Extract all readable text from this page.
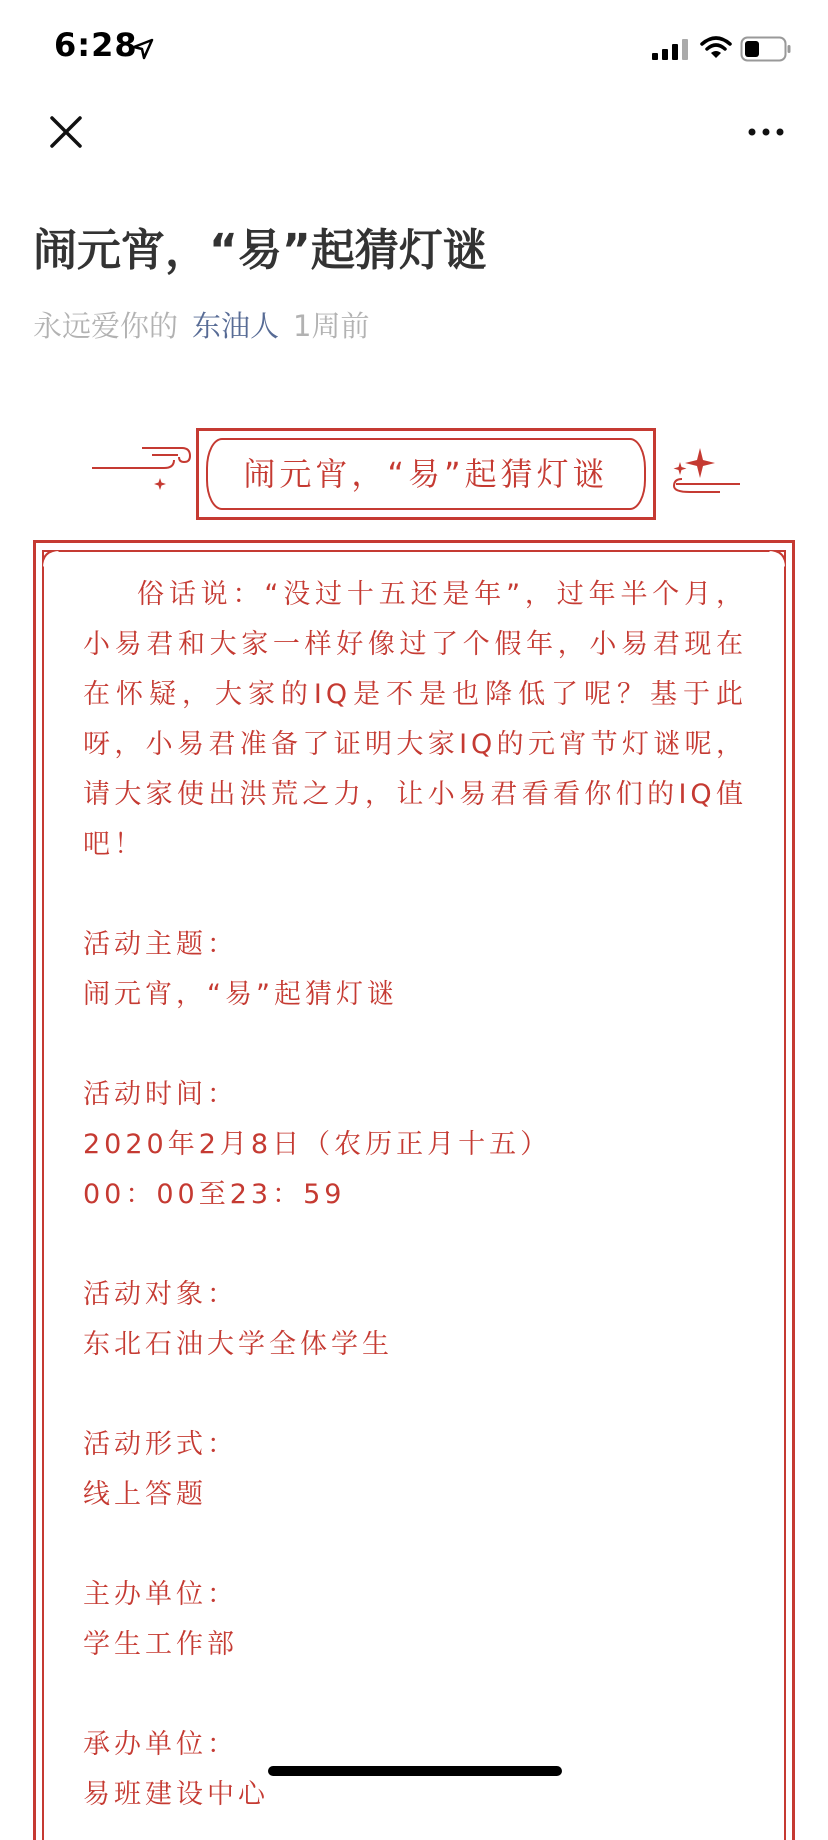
6:28
闹元宵，“易”起猜灯谜
永远爱你的 东油人 1周前
闹元宵，“易”起猜灯谜

俗话说：“没过十五还是年”，过年半个月，小易君和大家一样好像过了个假年，小易君现在在怀疑，大家的IQ是不是也降低了呢？基于此呀，小易君准备了证明大家IQ的元宵节灯谜呢，请大家使出洪荒之力，让小易君看看你们的IQ值吧！

活动主题：

闹元宵，“易”起猜灯谜

活动时间：

2020年2月8日（农历正月十五）

00：00至23：59

活动对象：

东北石油大学全体学生

活动形式：

线上答题

主办单位：

学生工作部

承办单位：

易班建设中心
